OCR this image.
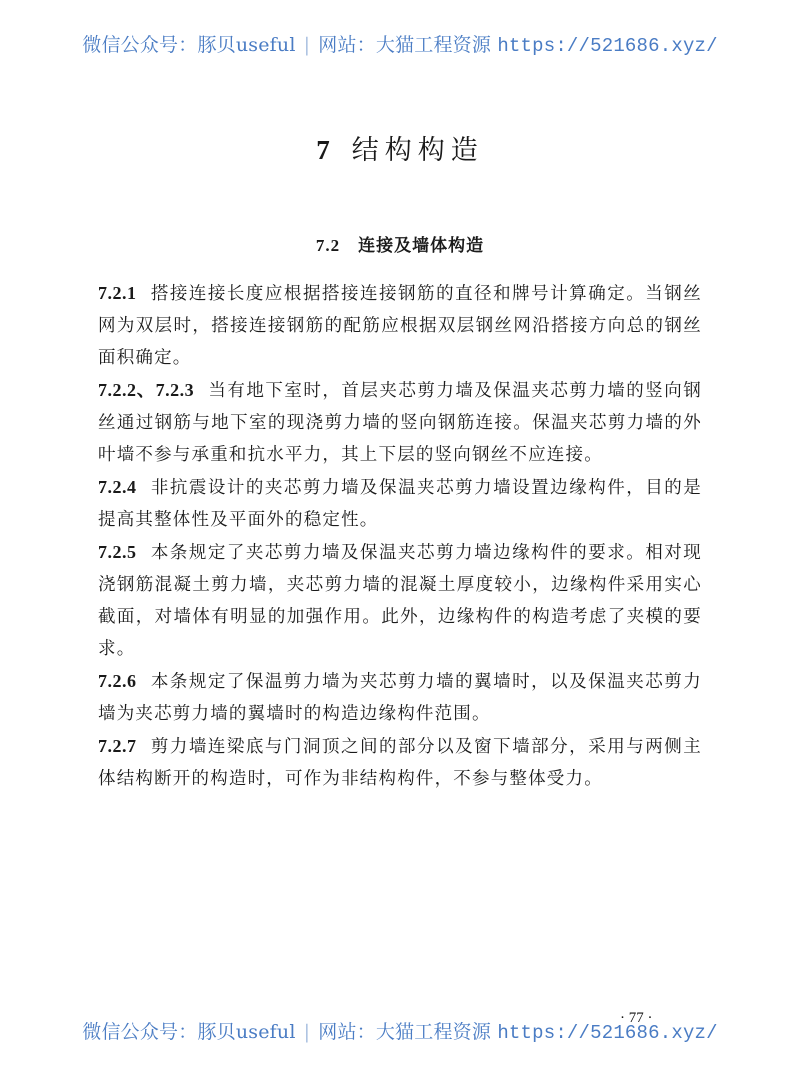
微信公众号：豚贝useful | 网站：大猫工程资源 https://521686.xyz/
7 结构构造
7.2 连接及墙体构造

7.2.1 搭接连接长度应根据搭接连接钢筋的直径和牌号计算确定。当钢丝网为双层时，搭接连接钢筋的配筋应根据双层钢丝网沿搭接方向总的钢丝面积确定。

7.2.2、7.2.3 当有地下室时，首层夹芯剪力墙及保温夹芯剪力墙的竖向钢丝通过钢筋与地下室的现浇剪力墙的竖向钢筋连接。保温夹芯剪力墙的外叶墙不参与承重和抗水平力，其上下层的竖向钢丝不应连接。

7.2.4 非抗震设计的夹芯剪力墙及保温夹芯剪力墙设置边缘构件，目的是提高其整体性及平面外的稳定性。

7.2.5 本条规定了夹芯剪力墙及保温夹芯剪力墙边缘构件的要求。相对现浇钢筋混凝土剪力墙，夹芯剪力墙的混凝土厚度较小，边缘构件采用实心截面，对墙体有明显的加强作用。此外，边缘构件的构造考虑了夹模的要求。

7.2.6 本条规定了保温剪力墙为夹芯剪力墙的翼墙时，以及保温夹芯剪力墙为夹芯剪力墙的翼墙时的构造边缘构件范围。

7.2.7 剪力墙连梁底与门洞顶之间的部分以及窗下墙部分，采用与两侧主体结构断开的构造时，可作为非结构构件，不参与整体受力。

· 77 ·
微信公众号：豚贝useful | 网站：大猫工程资源 https://521686.xyz/
